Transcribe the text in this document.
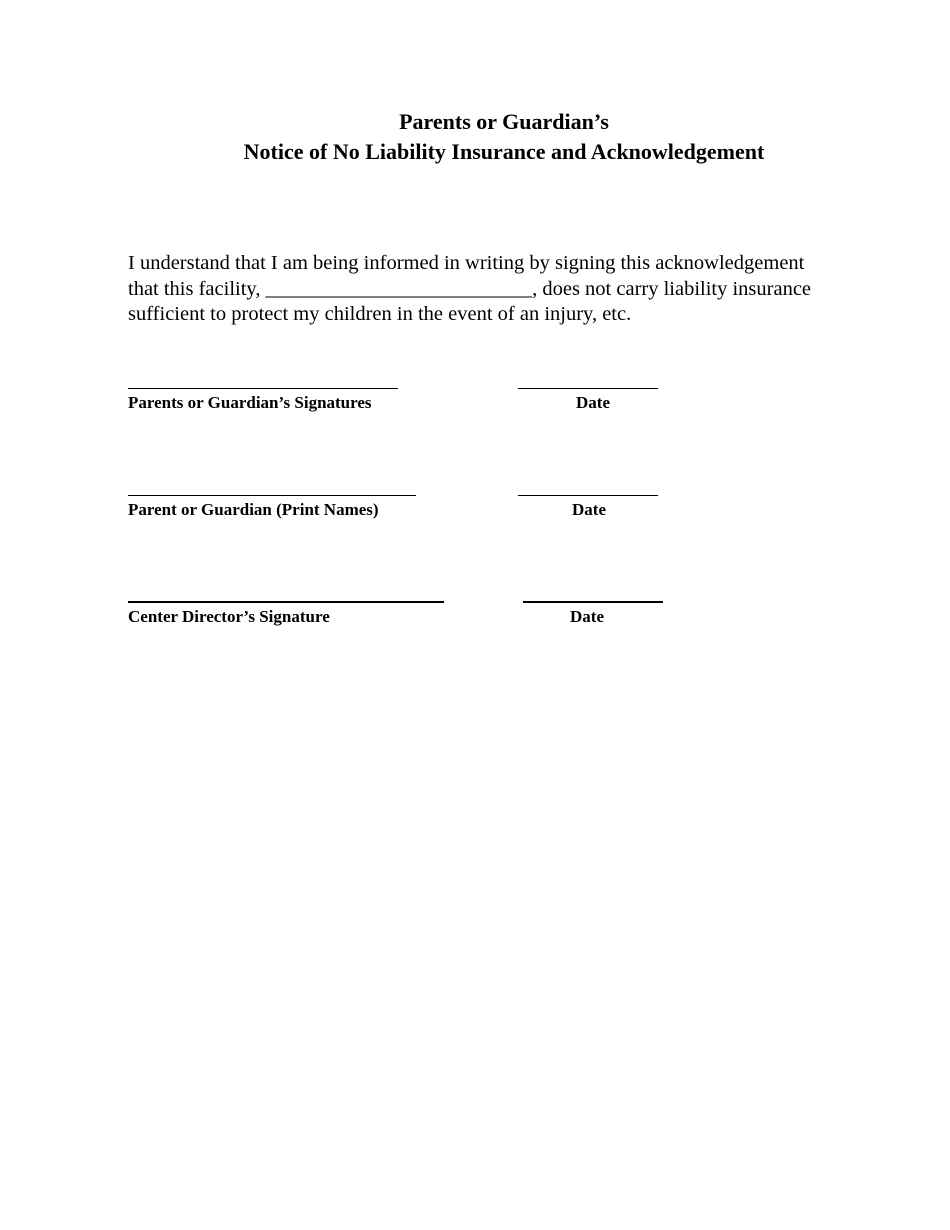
Parents or Guardian’s
Notice of No Liability Insurance and Acknowledgement
I understand that I am being informed in writing by signing this acknowledgement
that this facility, __________________________, does not carry liability insurance
sufficient to protect my children in the event of an injury, etc.
Parents or Guardian’s Signatures	Date
Parent or Guardian (Print Names)	Date
Center Director’s Signature	Date
